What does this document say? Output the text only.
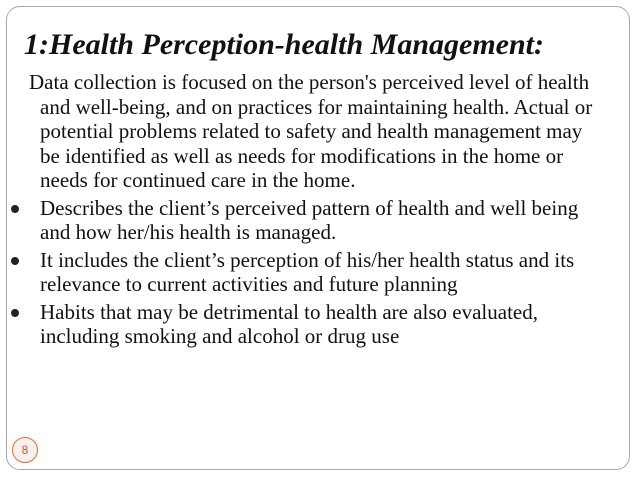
1:Health Perception-health Management:

Data collection is focused on the person's perceived level of health and well-being, and on practices for maintaining health. Actual or potential problems related to safety and health management may be identified as well as needs for modifications in the home or needs for continued care in the home.

Describes the client’s perceived pattern of health and well being and how her/his health is managed.
It includes the client’s perception of his/her health status and its relevance to current activities and future planning
Habits that may be detrimental to health are also evaluated, including smoking and alcohol or drug use
8
